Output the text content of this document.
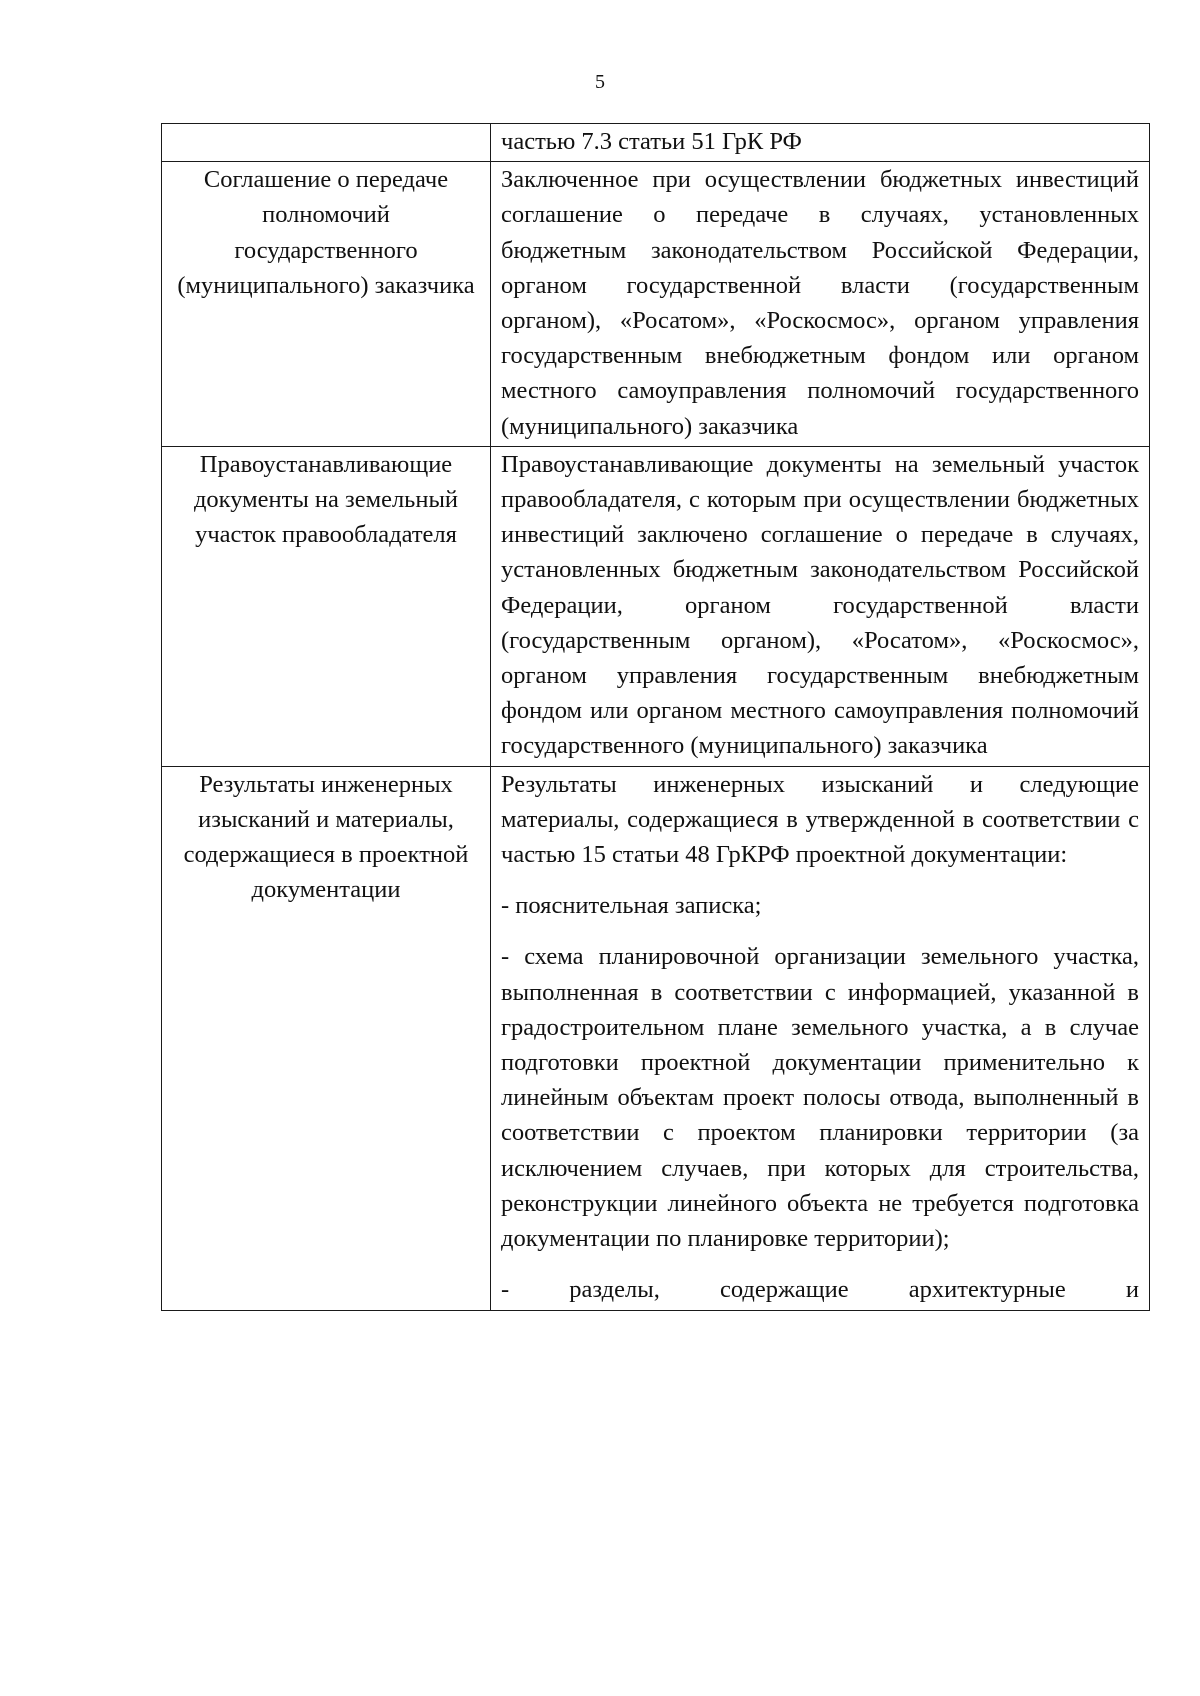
5

	частью 7.3 статьи 51 ГрК РФ

Соглашение о передаче полномочий государственного (муниципального) заказчика	Заключенное при осуществлении бюджетных инвестиций соглашение о передаче в случаях, установленных бюджетным законодательством Российской Федерации, органом государственной власти (государственным органом), «Росатом», «Роскосмос», органом управления государственным внебюджетным фондом или органом местного самоуправления полномочий государственного (муниципального) заказчика

Правоустанавливающие документы на земельный участок правообладателя	Правоустанавливающие документы на земельный участок правообладателя, с которым при осуществлении бюджетных инвестиций заключено соглашение о передаче в случаях, установленных бюджетным законодательством Российской Федерации, органом государственной власти (государственным органом), «Росатом», «Роскосмос», органом управления государственным внебюджетным фондом или органом местного самоуправления полномочий государственного (муниципального) заказчика

Результаты инженерных изысканий и материалы, содержащиеся в проектной документации	Результаты инженерных изысканий и следующие материалы, содержащиеся в утвержденной в соответствии с частью 15 статьи 48 ГрКРФ проектной документации:

- пояснительная записка;

- схема планировочной организации земельного участка, выполненная в соответствии с информацией, указанной в градостроительном плане земельного участка, а в случае подготовки проектной документации применительно к линейным объектам проект полосы отвода, выполненный в соответствии с проектом планировки территории (за исключением случаев, при которых для строительства, реконструкции линейного объекта не требуется подготовка документации по планировке территории);

- разделы, содержащие архитектурные и
